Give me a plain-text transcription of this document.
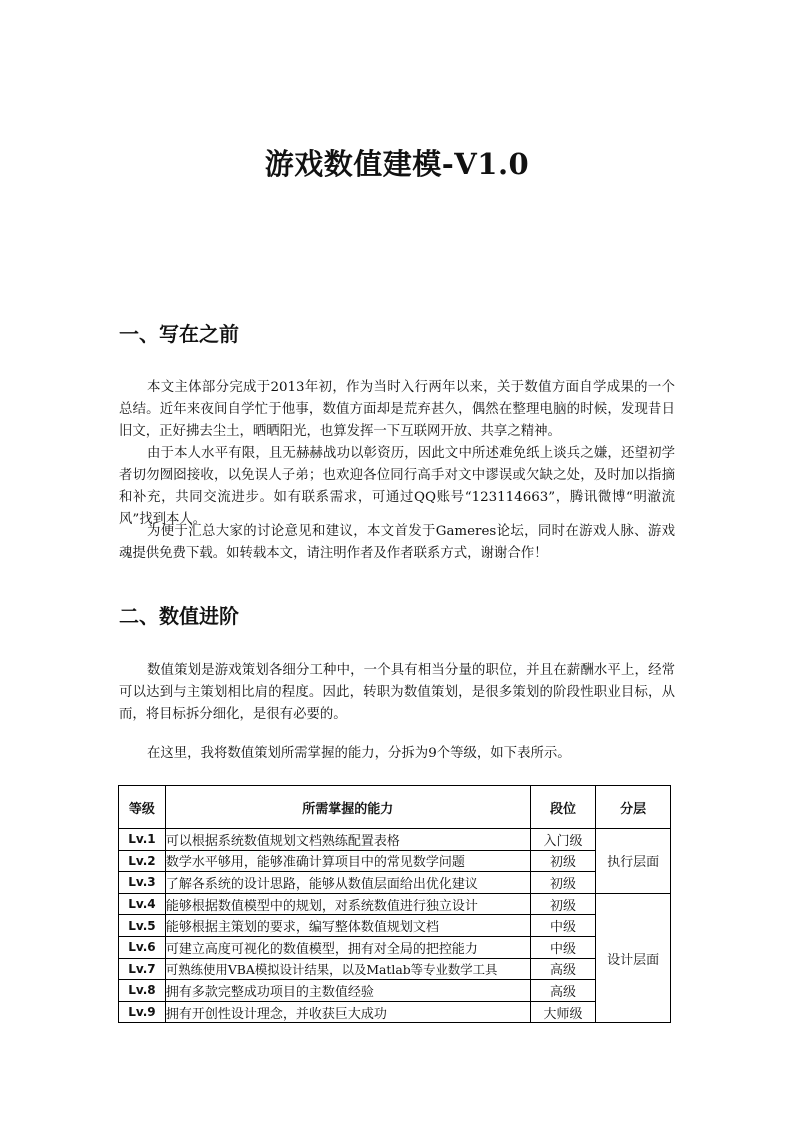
游戏数值建模-V1.0
一、写在之前

本文主体部分完成于2013年初，作为当时入行两年以来，关于数值方面自学成果的一个总结。近年来夜间自学忙于他事，数值方面却是荒弃甚久，偶然在整理电脑的时候，发现昔日旧文，正好拂去尘土，晒晒阳光，也算发挥一下互联网开放、共享之精神。

由于本人水平有限，且无赫赫战功以彰资历，因此文中所述难免纸上谈兵之嫌，还望初学者切勿囫囵接收，以免误人子弟；也欢迎各位同行高手对文中谬误或欠缺之处，及时加以指摘和补充，共同交流进步。如有联系需求，可通过QQ账号“123114663”，腾讯微博“明澈流风”找到本人。

为便于汇总大家的讨论意见和建议，本文首发于Gameres论坛，同时在游戏人脉、游戏魂提供免费下载。如转载本文，请注明作者及作者联系方式，谢谢合作！

二、数值进阶

数值策划是游戏策划各细分工种中，一个具有相当分量的职位，并且在薪酬水平上，经常可以达到与主策划相比肩的程度。因此，转职为数值策划，是很多策划的阶段性职业目标，从而，将目标拆分细化，是很有必要的。

在这里，我将数值策划所需掌握的能力，分拆为9个等级，如下表所示。

等级	所需掌握的能力	段位	分层
Lv.1	可以根据系统数值规划文档熟练配置表格	入门级	执行层面
Lv.2	数学水平够用，能够准确计算项目中的常见数学问题	初级	
Lv.3	了解各系统的设计思路，能够从数值层面给出优化建议	初级	
Lv.4	能够根据数值模型中的规划，对系统数值进行独立设计	初级	设计层面
Lv.5	能够根据主策划的要求，编写整体数值规划文档	中级	
Lv.6	可建立高度可视化的数值模型，拥有对全局的把控能力	中级	
Lv.7	可熟练使用VBA模拟设计结果，以及Matlab等专业数学工具	高级	
Lv.8	拥有多款完整成功项目的主数值经验	高级	
Lv.9	拥有开创性设计理念，并收获巨大成功	大师级	
